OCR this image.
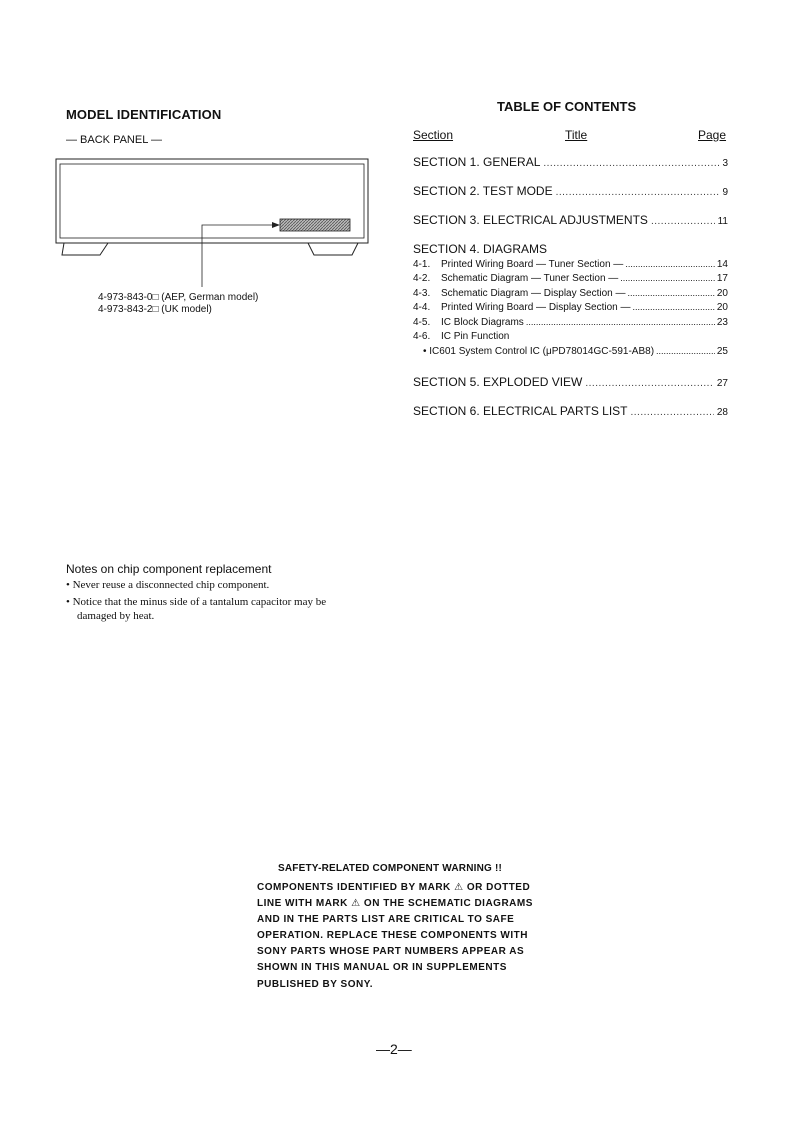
MODEL IDENTIFICATION
— BACK PANEL —
4-973-843-0□ (AEP, German model)
4-973-843-2□ (UK model)
TABLE OF CONTENTS
Section	Title	Page
SECTION 1. GENERAL .....	3
SECTION 2. TEST MODE .....	9
SECTION 3. ELECTRICAL ADJUSTMENTS .....	11
SECTION 4. DIAGRAMS
4-1.	Printed Wiring Board — Tuner Section — .....	14
4-2.	Schematic Diagram — Tuner Section — .....	17
4-3.	Schematic Diagram — Display Section — .....	20
4-4.	Printed Wiring Board — Display Section — .....	20
4-5.	IC Block Diagrams .....	23
4-6.	IC Pin Function
• IC601 System Control IC (μPD78014GC-591-AB8) .....	25
SECTION 5. EXPLODED VIEW .....	27
SECTION 6. ELECTRICAL PARTS LIST .....	28
Notes on chip component replacement
• Never reuse a disconnected chip component.
• Notice that the minus side of a tantalum capacitor may be
damaged by heat.
SAFETY-RELATED COMPONENT WARNING !!
COMPONENTS IDENTIFIED BY MARK ⚠ OR DOTTED
LINE WITH MARK ⚠ ON THE SCHEMATIC DIAGRAMS
AND IN THE PARTS LIST ARE CRITICAL TO SAFE OPERATION. REPLACE THESE COMPONENTS WITH SONY PARTS WHOSE PART NUMBERS APPEAR AS SHOWN IN THIS MANUAL OR IN SUPPLEMENTS PUBLISHED BY SONY.
—2—
